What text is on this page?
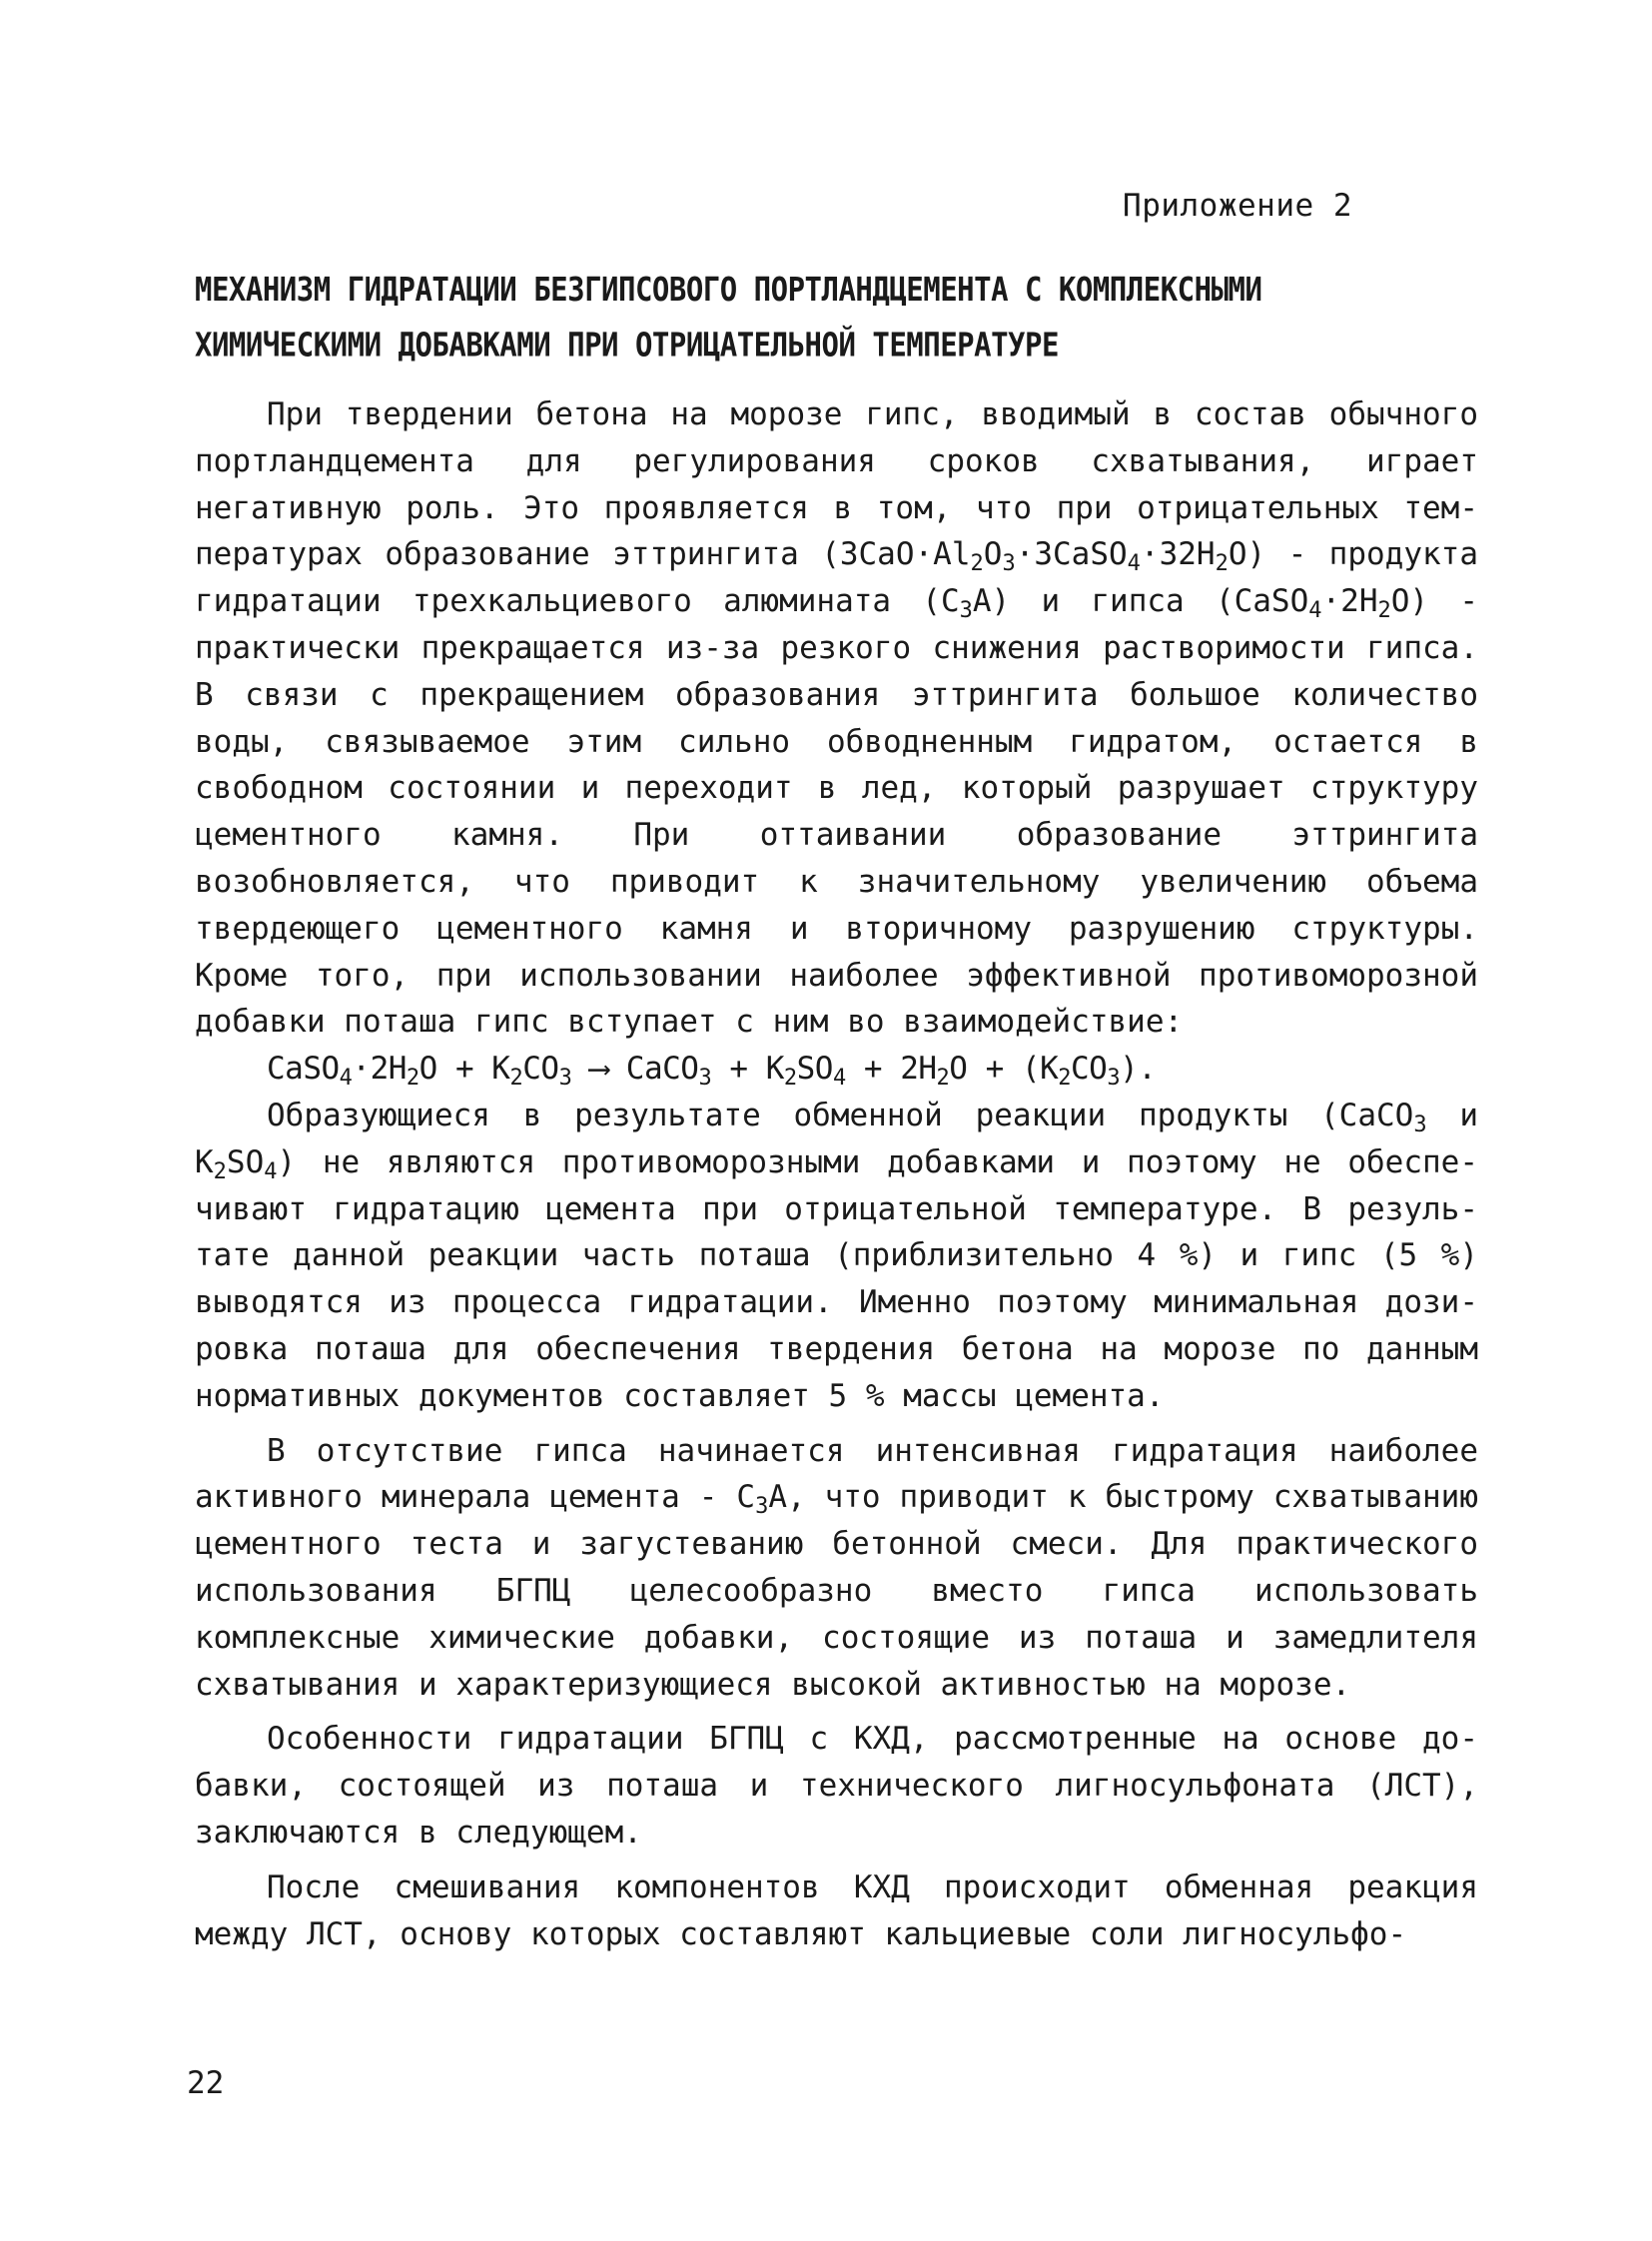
Приложение 2
МЕХАНИЗМ ГИДРАТАЦИИ БЕЗГИПСОВОГО ПОРТЛАНДЦЕМЕНТА С КОМПЛЕКСНЫМИ
ХИМИЧЕСКИМИ ДОБАВКАМИ ПРИ ОТРИЦАТЕЛЬНОЙ ТЕМПЕРАТУРЕ

При твердении бетона на морозе гипс, вводимый в состав обычного портландцемента для регулирования сроков схватывания, играет негативную роль. Это проявляется в том, что при отрицательных температурах образование эттрингита $(3CaO\cdot Al_2O_3\cdot 3CaSO_4\cdot 32H_2O)$ - продукта гидратации трехкальциевого алюмината $(C_3A)$ и гипса $(CaSO_4\cdot 2H_2O)$ - практически прекращается из-за резкого снижения растворимости гипса. В связи с прекращением образования эттрингита большое количество воды, связываемое этим сильно обводненным гидратом, остается в свободном состоянии и переходит в лед, который разрушает структуру цементного камня. При оттаивании образование эттрингита возобновляется, что приводит к значительному увеличению объема твердеющего цементного камня и вторичному разрушению структуры. Кроме того, при использовании наиболее эффективной противоморозной добавки поташа гипс вступает с ним во взаимодействие:

$CaSO_4\cdot 2H_2O + K_2CO_3$ ⟶ CaCO$_3$ + $K_2SO_4 + 2H_2O + (K_2CO_3)$.

Образующиеся в результате обменной реакции продукты (CaCO$_3$ и $K_2SO_4$) не являются противоморозными добавками и поэтому не обеспечивают гидратацию цемента при отрицательной температуре. В результате данной реакции часть поташа (приблизительно 4 %) и гипс (5 %) выводятся из процесса гидратации. Именно поэтому минимальная дозировка поташа для обеспечения твердения бетона на морозе по данным нормативных документов составляет 5 % массы цемента.

В отсутствие гипса начинается интенсивная гидратация наиболее активного минерала цемента - $C_3A$, что приводит к быстрому схватыванию цементного теста и загустеванию бетонной смеси. Для практического использования БГПЦ целесообразно вместо гипса использовать комплексные химические добавки, состоящие из поташа и замедлителя схватывания и характеризующиеся высокой активностью на морозе.

Особенности гидратации БГПЦ с КХД, рассмотренные на основе добавки, состоящей из поташа и технического лигносульфоната (ЛСТ), заключаются в следующем.

После смешивания компонентов КХД происходит обменная реакция между ЛСТ, основу которых составляют кальциевые соли лигносульфо-

22
